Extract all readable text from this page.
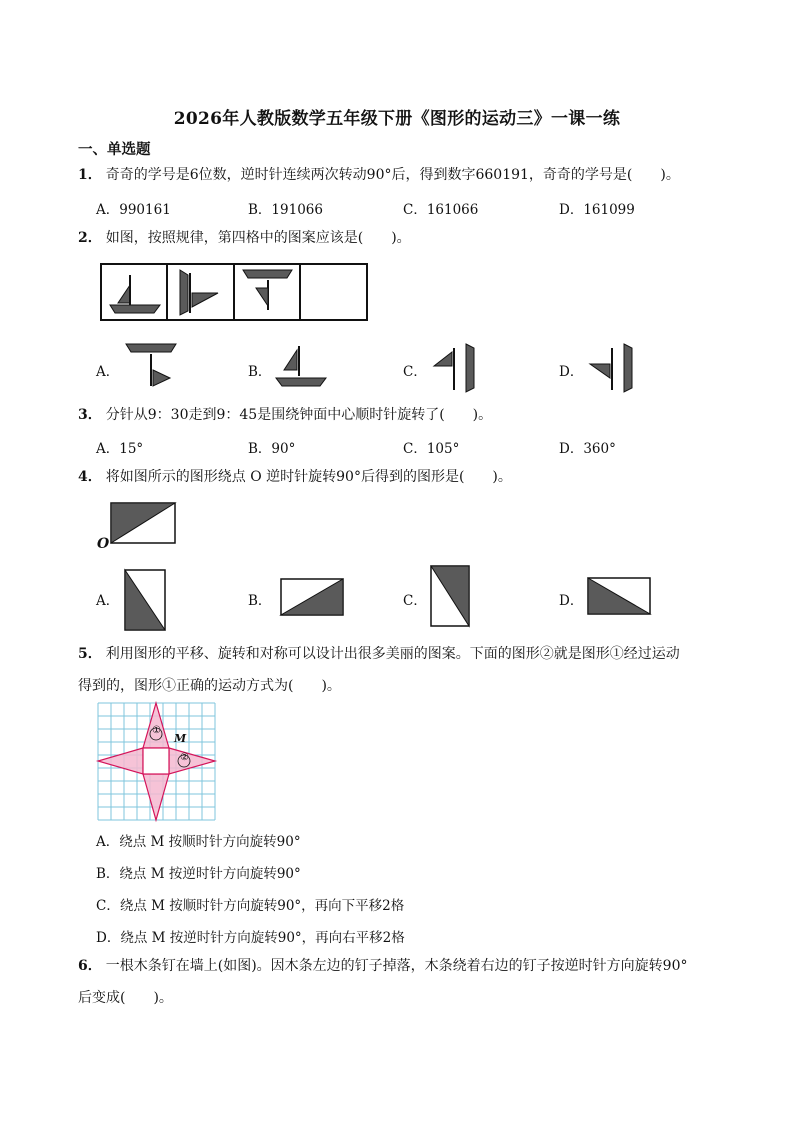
2026年人教版数学五年级下册《图形的运动三》一课一练
一、单选题
1． 奇奇的学号是6位数，逆时针连续两次转动90°后，得到数字660191，奇奇的学号是(　　)。
A．990161	B．191066	C．161066	D．161099
2． 如图，按照规律，第四格中的图案应该是(　　)。
A．	B．	C．	D．
3． 分针从9：30走到9：45是围绕钟面中心顺时针旋转了(　　)。
A．15°	B．90°	C．105°	D．360°
4． 将如图所示的图形绕点 O 逆时针旋转90°后得到的图形是(　　)。
O
A．	B．	C．	D．
5． 利用图形的平移、旋转和对称可以设计出很多美丽的图案。下面的图形②就是图形①经过运动
得到的，图形①正确的运动方式为(　　)。
①
②
M
A．绕点 M 按顺时针方向旋转90°
B．绕点 M 按逆时针方向旋转90°
C．绕点 M 按顺时针方向旋转90°，再向下平移2格
D．绕点 M 按逆时针方向旋转90°，再向右平移2格
6． 一根木条钉在墙上(如图)。因木条左边的钉子掉落，木条绕着右边的钉子按逆时针方向旋转90°
后变成(　　)。
